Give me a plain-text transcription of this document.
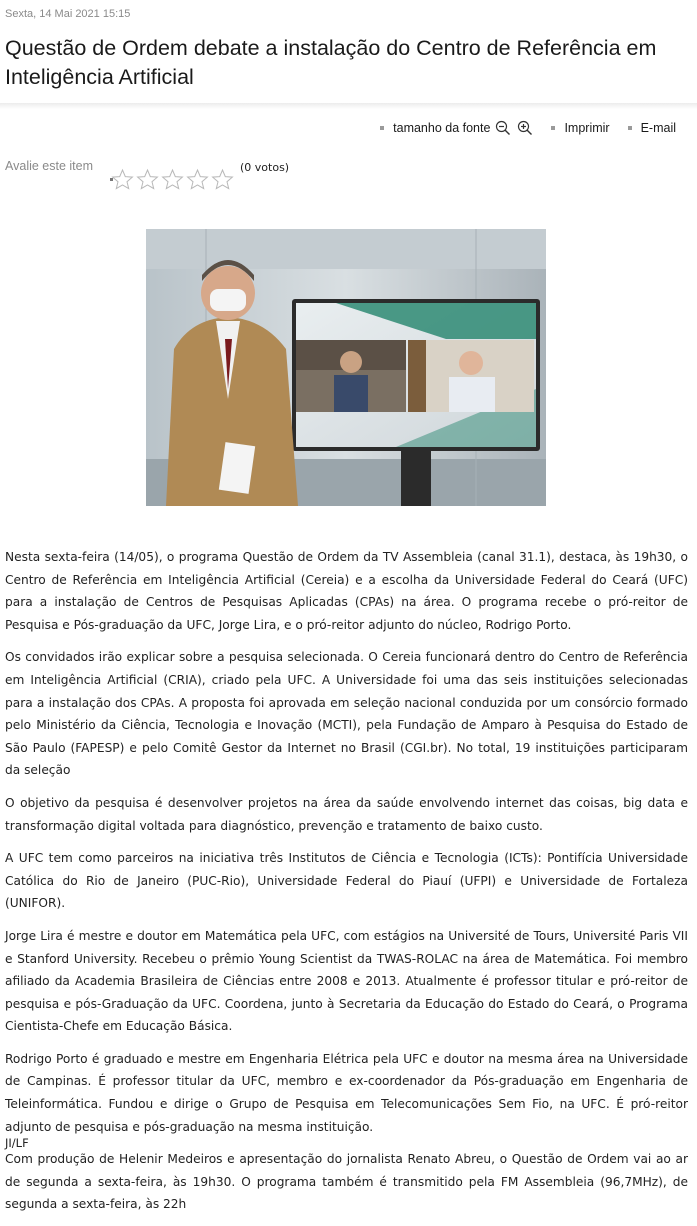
Sexta, 14 Mai 2021 15:15
Questão de Ordem debate a instalação do Centro de Referência em Inteligência Artificial
tamanho da fonte	Imprimir E-mail
Avalie este item	(0 votos)

Nesta sexta-feira (14/05), o programa Questão de Ordem da TV Assembleia (canal 31.1), destaca, às 19h30, o Centro de Referência em Inteligência Artificial (Cereia) e a escolha da Universidade Federal do Ceará (UFC) para a instalação de Centros de Pesquisas Aplicadas (CPAs) na área. O programa recebe o pró-reitor de Pesquisa e Pós-graduação da UFC, Jorge Lira, e o pró-reitor adjunto do núcleo, Rodrigo Porto.

Os convidados irão explicar sobre a pesquisa selecionada. O Cereia funcionará dentro do Centro de Referência em Inteligência Artificial (CRIA), criado pela UFC. A Universidade foi uma das seis instituições selecionadas para a instalação dos CPAs. A proposta foi aprovada em seleção nacional conduzida por um consórcio formado pelo Ministério da Ciência, Tecnologia e Inovação (MCTI), pela Fundação de Amparo à Pesquisa do Estado de São Paulo (FAPESP) e pelo Comitê Gestor da Internet no Brasil (CGI.br). No total, 19 instituições participaram da seleção

O objetivo da pesquisa é desenvolver projetos na área da saúde envolvendo internet das coisas, big data e transformação digital voltada para diagnóstico, prevenção e tratamento de baixo custo.

A UFC tem como parceiros na iniciativa três Institutos de Ciência e Tecnologia (ICTs): Pontifícia Universidade Católica do Rio de Janeiro (PUC-Rio), Universidade Federal do Piauí (UFPI) e Universidade de Fortaleza (UNIFOR).

Jorge Lira é mestre e doutor em Matemática pela UFC, com estágios na Université de Tours, Université Paris VII e Stanford University. Recebeu o prêmio Young Scientist da TWAS-ROLAC na área de Matemática. Foi membro afiliado da Academia Brasileira de Ciências entre 2008 e 2013. Atualmente é professor titular e pró-reitor de pesquisa e pós-Graduação da UFC. Coordena, junto à Secretaria da Educação do Estado do Ceará, o Programa Cientista-Chefe em Educação Básica.

Rodrigo Porto é graduado e mestre em Engenharia Elétrica pela UFC e doutor na mesma área na Universidade de Campinas. É professor titular da UFC, membro e ex-coordenador da Pós-graduação em Engenharia de Teleinformática. Fundou e dirige o Grupo de Pesquisa em Telecomunicações Sem Fio, na UFC. É pró-reitor adjunto de pesquisa e pós-graduação na mesma instituição.

Com produção de Helenir Medeiros e apresentação do jornalista Renato Abreu, o Questão de Ordem vai ao ar de segunda a sexta-feira, às 19h30. O programa também é transmitido pela FM Assembleia (96,7MHz), de segunda a sexta-feira, às 22h

JI/LF
